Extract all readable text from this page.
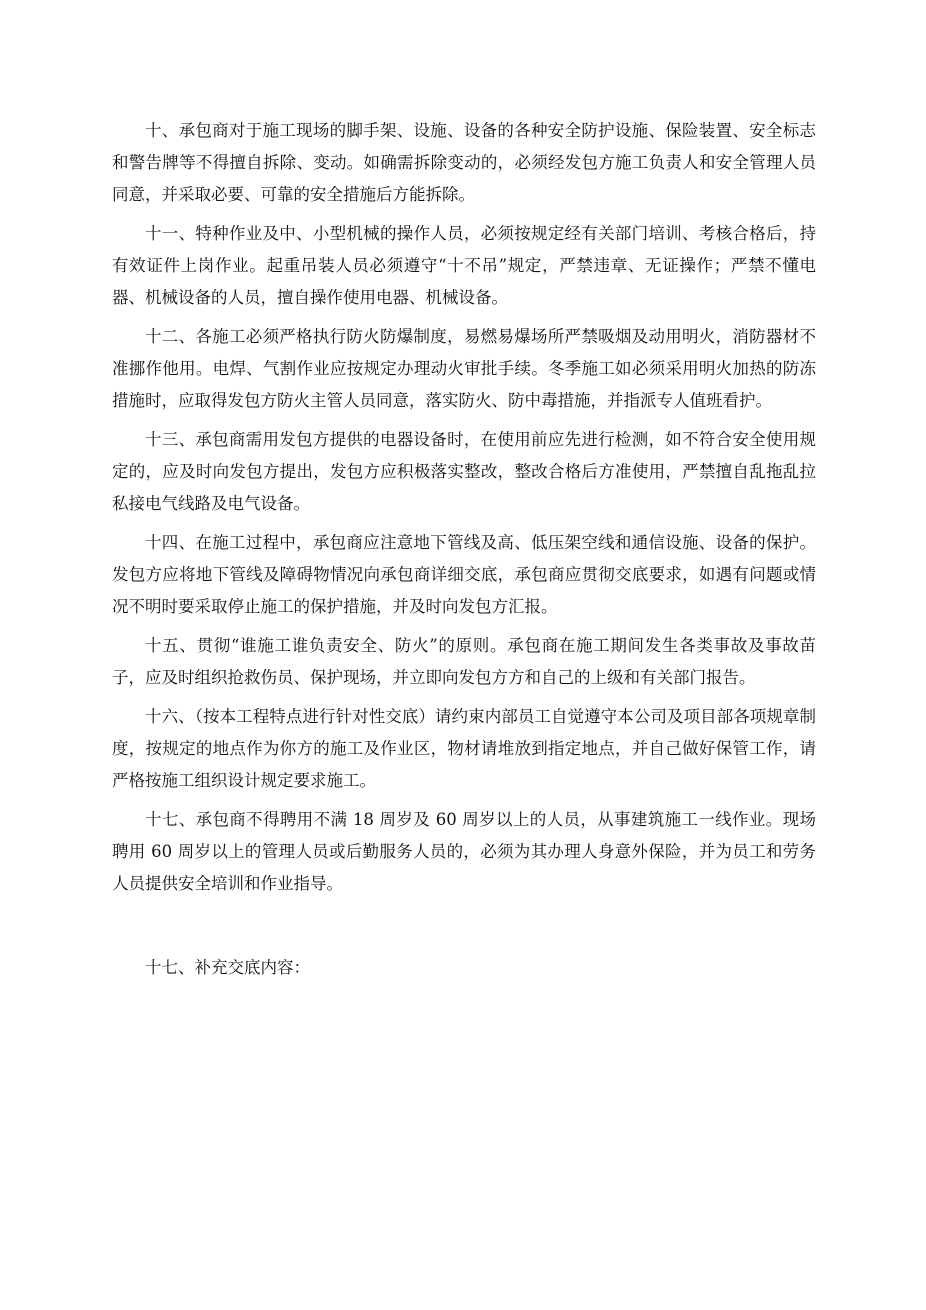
十、承包商对于施工现场的脚手架、设施、设备的各种安全防护设施、保险装置、安全标志和警告牌等不得擅自拆除、变动。如确需拆除变动的，必须经发包方施工负责人和安全管理人员同意，并采取必要、可靠的安全措施后方能拆除。

十一、特种作业及中、小型机械的操作人员，必须按规定经有关部门培训、考核合格后，持有效证件上岗作业。起重吊装人员必须遵守“十不吊”规定，严禁违章、无证操作；严禁不懂电器、机械设备的人员，擅自操作使用电器、机械设备。

十二、各施工必须严格执行防火防爆制度，易燃易爆场所严禁吸烟及动用明火，消防器材不准挪作他用。电焊、气割作业应按规定办理动火审批手续。冬季施工如必须采用明火加热的防冻措施时，应取得发包方防火主管人员同意，落实防火、防中毒措施，并指派专人值班看护。

十三、承包商需用发包方提供的电器设备时，在使用前应先进行检测，如不符合安全使用规定的，应及时向发包方提出，发包方应积极落实整改，整改合格后方准使用，严禁擅自乱拖乱拉私接电气线路及电气设备。

十四、在施工过程中，承包商应注意地下管线及高、低压架空线和通信设施、设备的保护。发包方应将地下管线及障碍物情况向承包商详细交底，承包商应贯彻交底要求，如遇有问题或情况不明时要采取停止施工的保护措施，并及时向发包方汇报。

十五、贯彻“谁施工谁负责安全、防火”的原则。承包商在施工期间发生各类事故及事故苗子，应及时组织抢救伤员、保护现场，并立即向发包方方和自己的上级和有关部门报告。

十六、（按本工程特点进行针对性交底）请约束内部员工自觉遵守本公司及项目部各项规章制度，按规定的地点作为你方的施工及作业区，物材请堆放到指定地点，并自己做好保管工作，请严格按施工组织设计规定要求施工。

十七、承包商不得聘用不满 18 周岁及 60 周岁以上的人员，从事建筑施工一线作业。现场聘用 60 周岁以上的管理人员或后勤服务人员的，必须为其办理人身意外保险，并为员工和劳务人员提供安全培训和作业指导。

十七、补充交底内容：
